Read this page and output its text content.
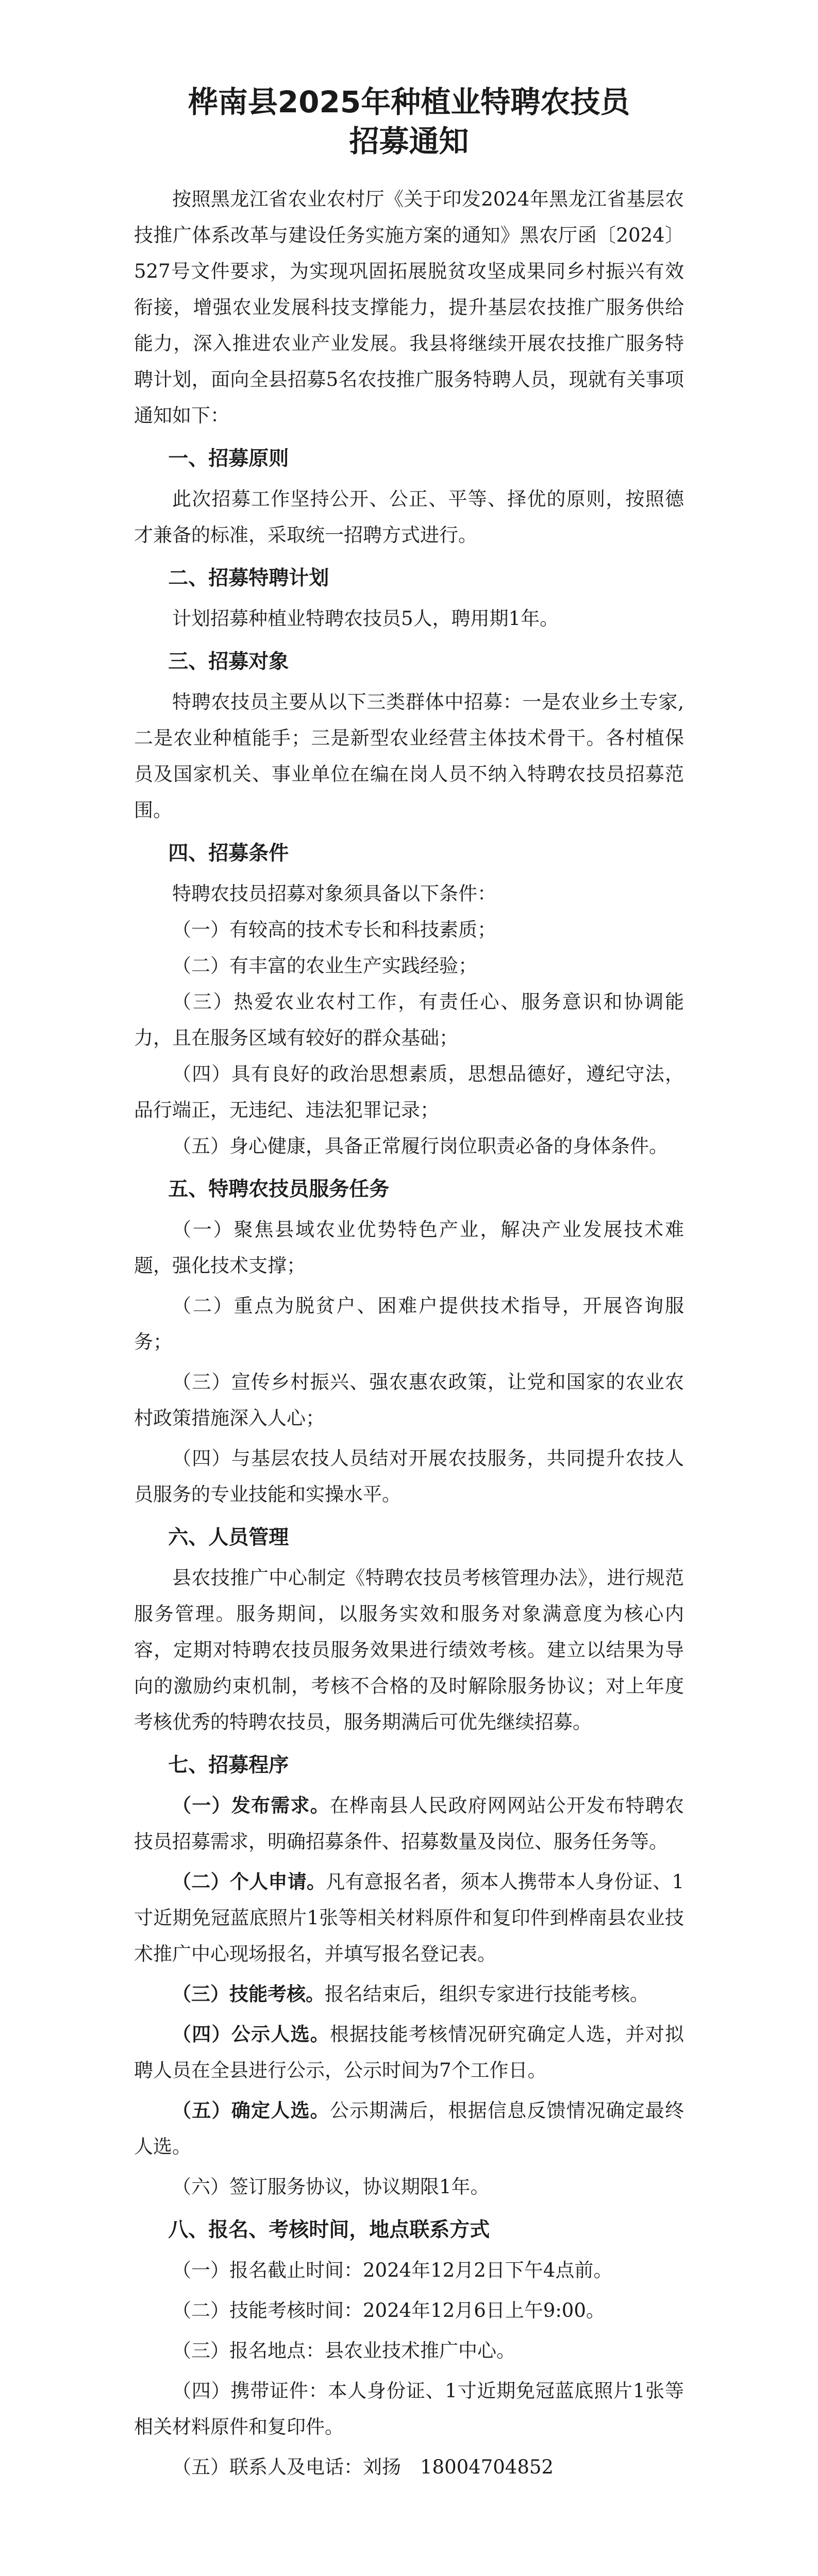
桦南县2025年种植业特聘农技员
招募通知

按照黑龙江省农业农村厅《关于印发2024年黑龙江省基层农技推广体系改革与建设任务实施方案的通知》黑农厅函〔2024〕527号文件要求，为实现巩固拓展脱贫攻坚成果同乡村振兴有效衔接，增强农业发展科技支撑能力，提升基层农技推广服务供给能力，深入推进农业产业发展。我县将继续开展农技推广服务特聘计划，面向全县招募5名农技推广服务特聘人员，现就有关事项通知如下：

一、招募原则

此次招募工作坚持公开、公正、平等、择优的原则，按照德才兼备的标准，采取统一招聘方式进行。

二、招募特聘计划

计划招募种植业特聘农技员5人，聘用期1年。

三、招募对象

特聘农技员主要从以下三类群体中招募：一是农业乡土专家,二是农业种植能手；三是新型农业经营主体技术骨干。各村植保员及国家机关、事业单位在编在岗人员不纳入特聘农技员招募范围。

四、招募条件

特聘农技员招募对象须具备以下条件：

（一）有较高的技术专长和科技素质；

（二）有丰富的农业生产实践经验；

（三）热爱农业农村工作，有责任心、服务意识和协调能力，且在服务区域有较好的群众基础；

（四）具有良好的政治思想素质，思想品德好，遵纪守法，品行端正，无违纪、违法犯罪记录；

（五）身心健康，具备正常履行岗位职责必备的身体条件。

五、特聘农技员服务任务

（一）聚焦县域农业优势特色产业，解决产业发展技术难题，强化技术支撑；

（二）重点为脱贫户、困难户提供技术指导，开展咨询服务；

（三）宣传乡村振兴、强农惠农政策，让党和国家的农业农村政策措施深入人心；

（四）与基层农技人员结对开展农技服务，共同提升农技人员服务的专业技能和实操水平。

六、人员管理

县农技推广中心制定《特聘农技员考核管理办法》，进行规范服务管理。服务期间，以服务实效和服务对象满意度为核心内容，定期对特聘农技员服务效果进行绩效考核。建立以结果为导向的激励约束机制，考核不合格的及时解除服务协议；对上年度考核优秀的特聘农技员，服务期满后可优先继续招募。

七、招募程序

（一）发布需求。在桦南县人民政府网网站公开发布特聘农技员招募需求，明确招募条件、招募数量及岗位、服务任务等。

（二）个人申请。凡有意报名者，须本人携带本人身份证、1寸近期免冠蓝底照片1张等相关材料原件和复印件到桦南县农业技术推广中心现场报名，并填写报名登记表。

（三）技能考核。报名结束后，组织专家进行技能考核。

（四）公示人选。根据技能考核情况研究确定人选，并对拟聘人员在全县进行公示，公示时间为7个工作日。

（五）确定人选。公示期满后，根据信息反馈情况确定最终人选。

（六）签订服务协议，协议期限1年。

八、报名、考核时间，地点联系方式

（一）报名截止时间：2024年12月2日下午4点前。

（二）技能考核时间：2024年12月6日上午9:00。

（三）报名地点：县农业技术推广中心。

（四）携带证件：本人身份证、1寸近期免冠蓝底照片1张等相关材料原件和复印件。

（五）联系人及电话：刘扬　18004704852
